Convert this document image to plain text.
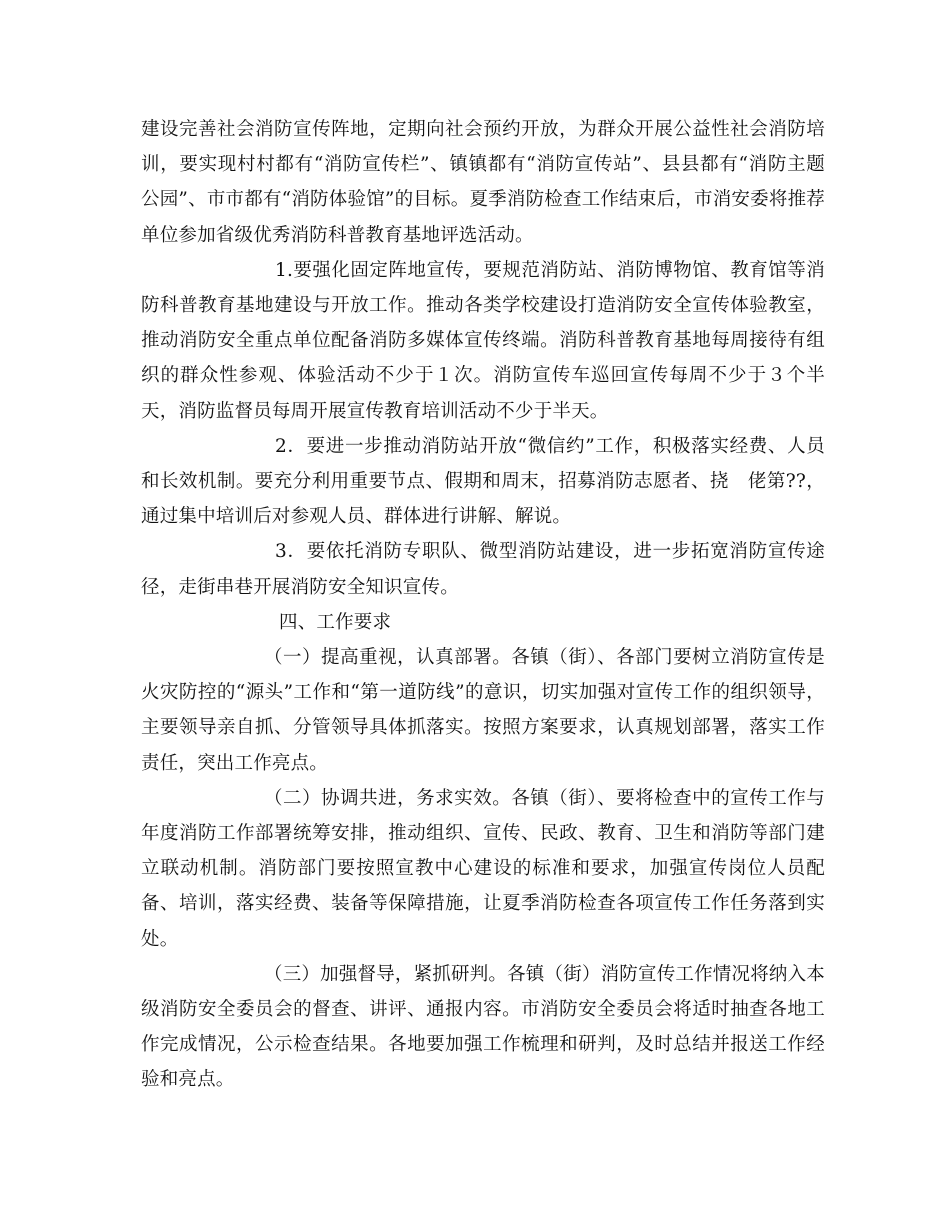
建设完善社会消防宣传阵地，定期向社会预约开放，为群众开展公益性社会消防培训，要实现村村都有“消防宣传栏”、镇镇都有“消防宣传站”、县县都有“消防主题公园”、市市都有“消防体验馆”的目标。夏季消防检查工作结束后，市消安委将推荐单位参加省级优秀消防科普教育基地评选活动。

1.要强化固定阵地宣传，要规范消防站、消防博物馆、教育馆等消防科普教育基地建设与开放工作。推动各类学校建设打造消防安全宣传体验教室，推动消防安全重点单位配备消防多媒体宣传终端。消防科普教育基地每周接待有组织的群众性参观、体验活动不少于１次。消防宣传车巡回宣传每周不少于３个半天，消防监督员每周开展宣传教育培训活动不少于半天。

2．要进一步推动消防站开放“微信约”工作，积极落实经费、人员和长效机制。要充分利用重要节点、假期和周末，招募消防志愿者、挠　佬第??，通过集中培训后对参观人员、群体进行讲解、解说。

3．要依托消防专职队、微型消防站建设，进一步拓宽消防宣传途径，走街串巷开展消防安全知识宣传。

四、工作要求

（一）提高重视，认真部署。各镇（街）、各部门要树立消防宣传是火灾防控的“源头”工作和“第一道防线”的意识，切实加强对宣传工作的组织领导，主要领导亲自抓、分管领导具体抓落实。按照方案要求，认真规划部署，落实工作责任，突出工作亮点。

（二）协调共进，务求实效。各镇（街）、要将检查中的宣传工作与年度消防工作部署统筹安排，推动组织、宣传、民政、教育、卫生和消防等部门建立联动机制。消防部门要按照宣教中心建设的标准和要求，加强宣传岗位人员配备、培训，落实经费、装备等保障措施，让夏季消防检查各项宣传工作任务落到实处。

（三）加强督导，紧抓研判。各镇（街）消防宣传工作情况将纳入本级消防安全委员会的督查、讲评、通报内容。市消防安全委员会将适时抽查各地工作完成情况，公示检查结果。各地要加强工作梳理和研判，及时总结并报送工作经验和亮点。
